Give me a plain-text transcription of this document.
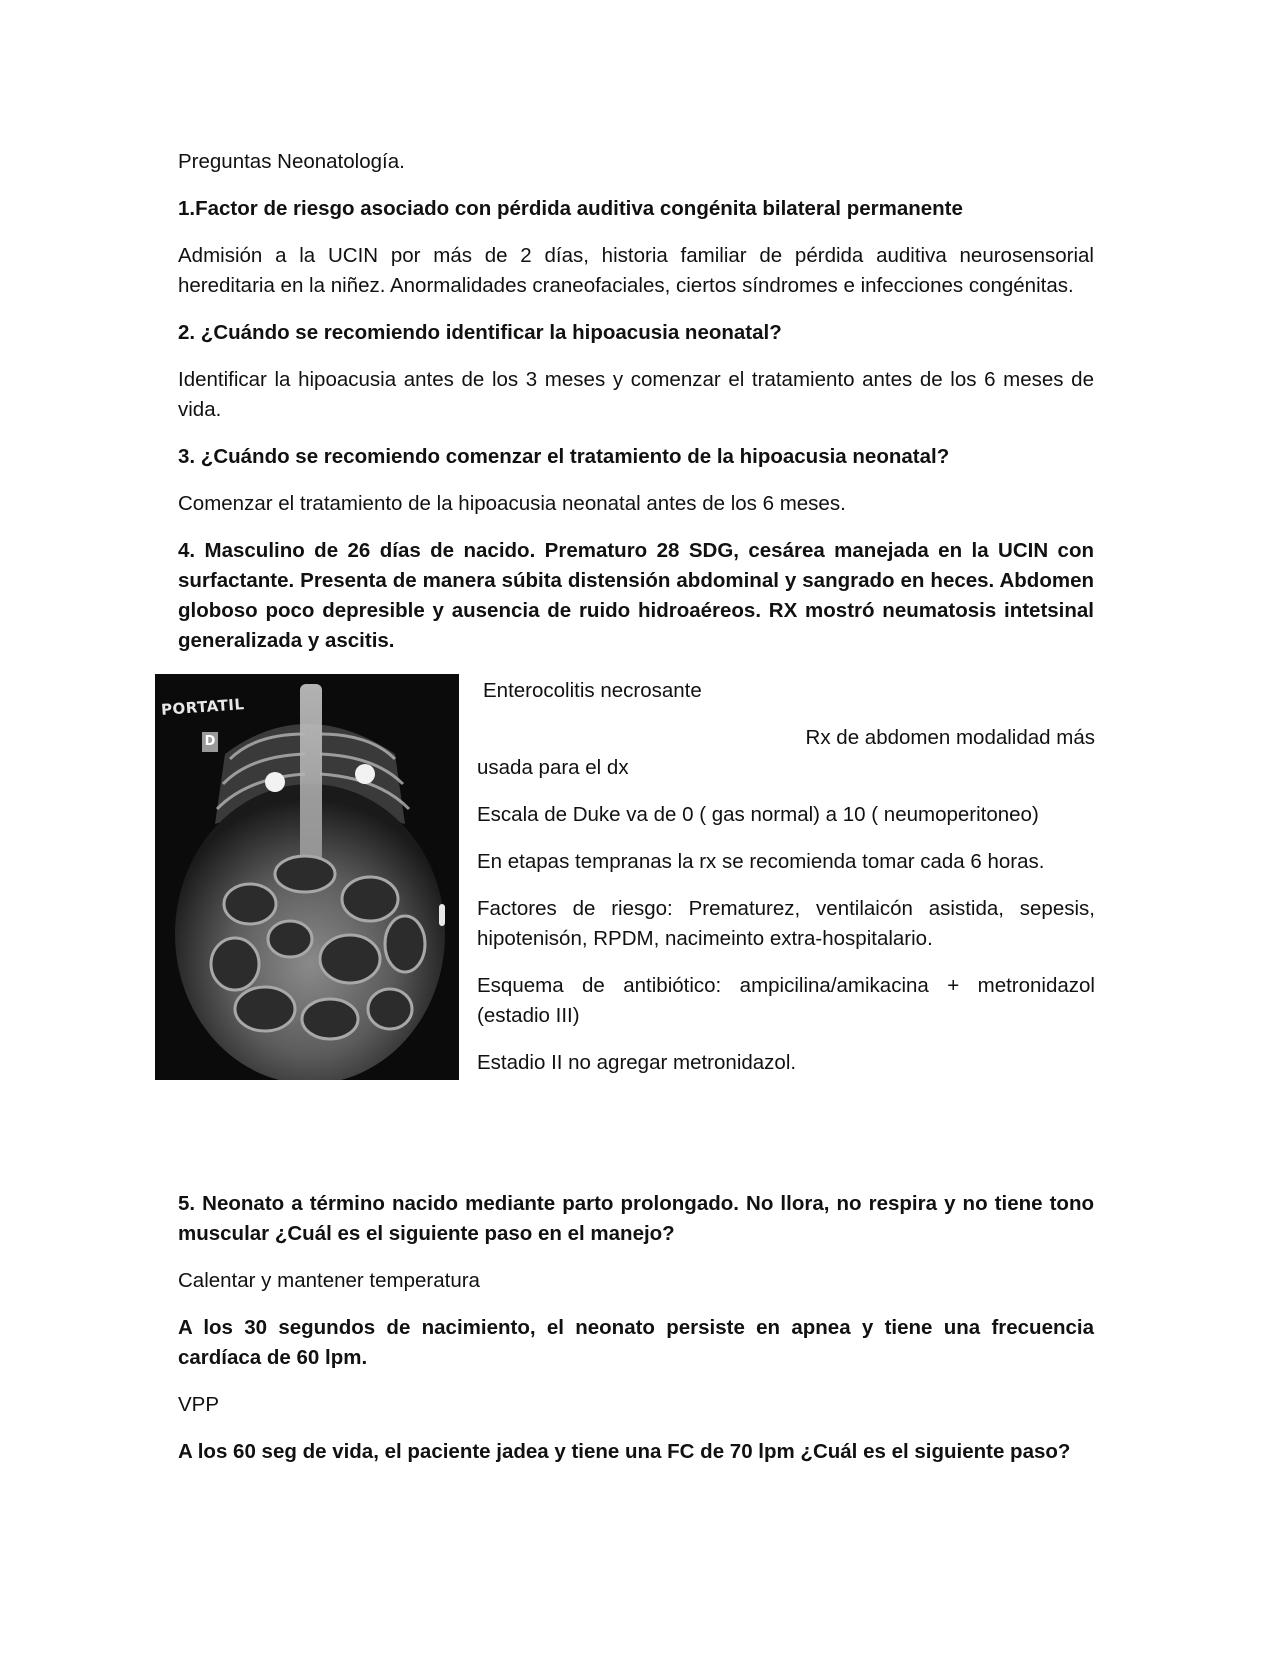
Preguntas Neonatología.

1.Factor de riesgo asociado con pérdida auditiva congénita bilateral permanente

Admisión a la UCIN por más de 2 días, historia familiar de pérdida auditiva neurosensorial hereditaria en la niñez. Anormalidades craneofaciales, ciertos síndromes e infecciones congénitas.

2. ¿Cuándo se recomiendo identificar la hipoacusia neonatal?

Identificar la hipoacusia antes de los 3 meses y comenzar el tratamiento antes de los 6 meses de vida.

3. ¿Cuándo se recomiendo comenzar el tratamiento de la hipoacusia neonatal?

Comenzar el tratamiento de la hipoacusia neonatal antes de los 6 meses.

4. Masculino de 26 días de nacido. Prematuro 28 SDG, cesárea manejada en la UCIN con surfactante. Presenta de manera súbita distensión abdominal y sangrado en heces. Abdomen globoso poco depresible y ausencia de ruido hidroaéreos. RX mostró neumatosis intetsinal generalizada y ascitis.

PORTATIL
D

Enterocolitis necrosante

Rx de abdomen modalidad más

usada para el dx

Escala de Duke va de 0 ( gas normal) a 10 ( neumoperitoneo)

En etapas tempranas la rx se recomienda tomar cada 6 horas.

Factores de riesgo: Prematurez, ventilaicón asistida, sepesis, hipotenisón, RPDM, nacimeinto extra-hospitalario.

Esquema de antibiótico: ampicilina/amikacina + metronidazol (estadio III)

Estadio II no agregar metronidazol.

5. Neonato a término nacido mediante parto prolongado. No llora, no respira y no tiene tono muscular ¿Cuál es el siguiente paso en el manejo?

Calentar y mantener temperatura

A los 30 segundos de nacimiento, el neonato persiste en apnea y tiene una frecuencia cardíaca de 60 lpm.

VPP

A los 60 seg de vida, el paciente jadea y tiene una FC de 70 lpm ¿Cuál es el siguiente paso?
